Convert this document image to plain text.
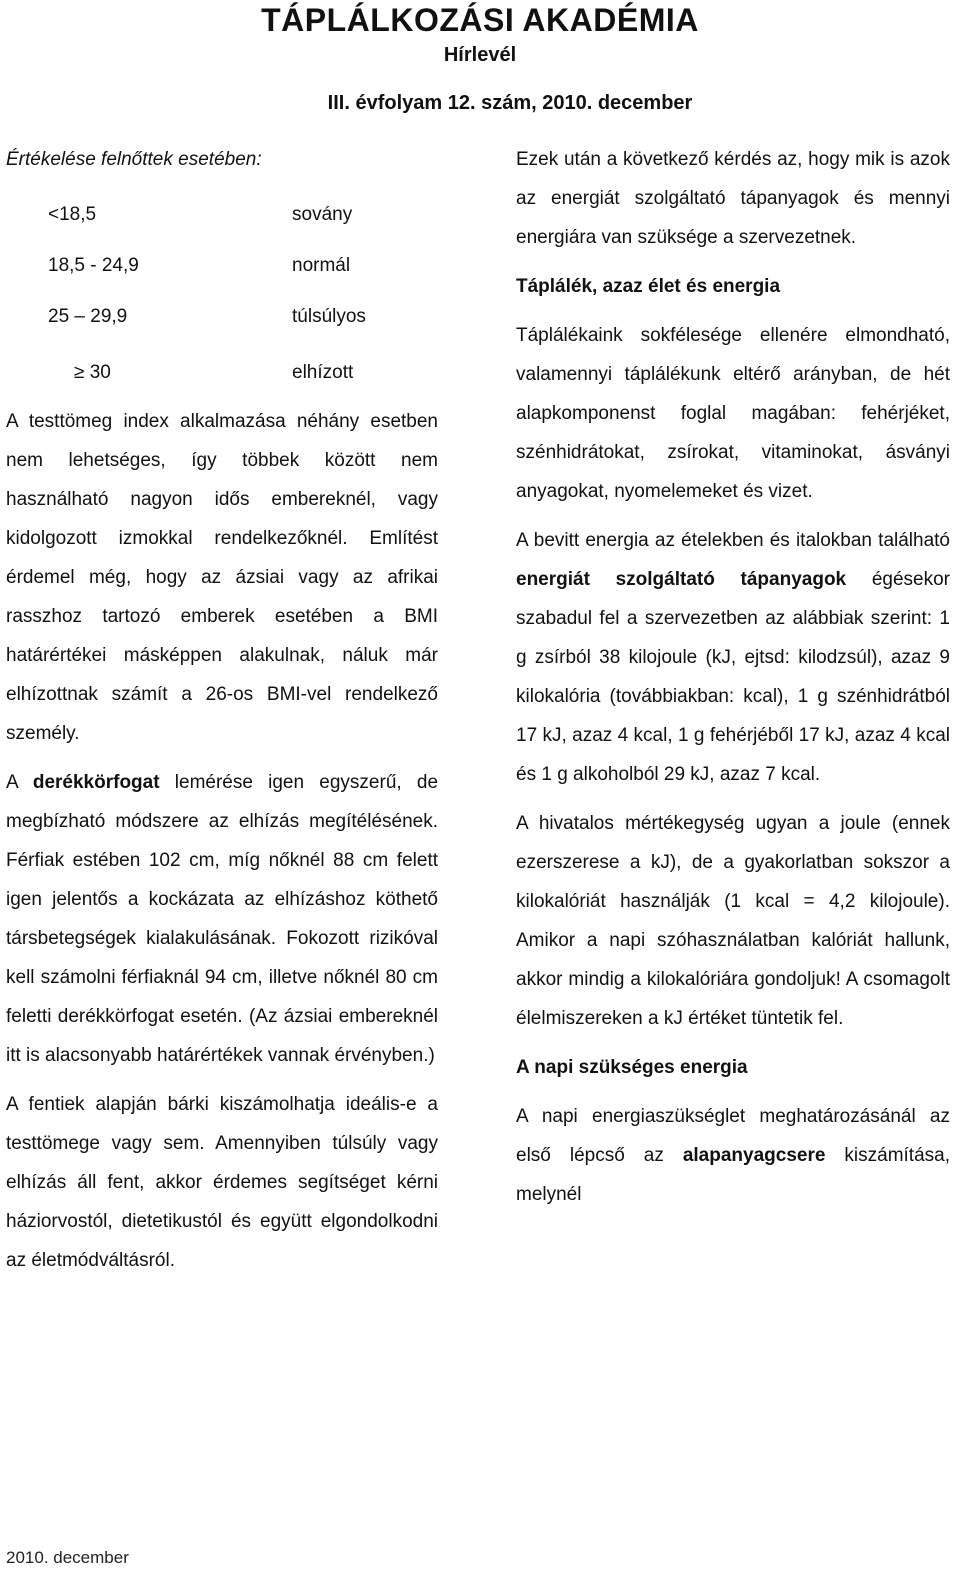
TÁPLÁLKOZÁSI AKADÉMIA
Hírlevél
III. évfolyam 12. szám, 2010. december

Értékelése felnőttek esetében:

<18,5	sovány
18,5 - 24,9	normál
25 – 29,9	túlsúlyos
≥ 30	elhízott

A testtömeg index alkalmazása néhány esetben nem lehetséges, így többek között nem használható nagyon idős embereknél, vagy kidolgozott izmokkal rendelkezőknél. Említést érdemel még, hogy az ázsiai vagy az afrikai rasszhoz tartozó emberek esetében a BMI határértékei másképpen alakulnak, náluk már elhízottnak számít a 26-os BMI-vel rendelkező személy.

A derékkörfogat lemérése igen egyszerű, de megbízható módszere az elhízás megítélésének. Férfiak estében 102 cm, míg nőknél 88 cm felett igen jelentős a kockázata az elhízáshoz köthető társbetegségek kialakulásának. Fokozott rizikóval kell számolni férfiaknál 94 cm, illetve nőknél 80 cm feletti derékkörfogat esetén. (Az ázsiai embereknél itt is alacsonyabb határértékek vannak érvényben.)

A fentiek alapján bárki kiszámolhatja ideális-e a testtömege vagy sem. Amennyiben túlsúly vagy elhízás áll fent, akkor érdemes segítséget kérni háziorvostól, dietetikustól és együtt elgondolkodni az életmódváltásról.

Ezek után a következő kérdés az, hogy mik is azok az energiát szolgáltató tápanyagok és mennyi energiára van szüksége a szervezetnek.

Táplálék, azaz élet és energia

Táplálékaink sokfélesége ellenére elmondható, valamennyi táplálékunk eltérő arányban, de hét alapkomponenst foglal magában: fehérjéket, szénhidrátokat, zsírokat, vitaminokat, ásványi anyagokat, nyomelemeket és vizet.

A bevitt energia az ételekben és italokban található energiát szolgáltató tápanyagok égésekor szabadul fel a szervezetben az alábbiak szerint: 1 g zsírból 38 kilojoule (kJ, ejtsd: kilodzsúl), azaz 9 kilokalória (továbbiakban: kcal), 1 g szénhidrátból 17 kJ, azaz 4 kcal, 1 g fehérjéből 17 kJ, azaz 4 kcal és 1 g alkoholból 29 kJ, azaz 7 kcal.

A hivatalos mértékegység ugyan a joule (ennek ezerszerese a kJ), de a gyakorlatban sokszor a kilokalóriát használják (1 kcal = 4,2 kilojoule). Amikor a napi szóhasználatban kalóriát hallunk, akkor mindig a kilokalóriára gondoljuk! A csomagolt élelmiszereken a kJ értéket tüntetik fel.

A napi szükséges energia

A napi energiaszükséglet meghatározásánál az első lépcső az alapanyagcsere kiszámítása, melynél

2010. december
